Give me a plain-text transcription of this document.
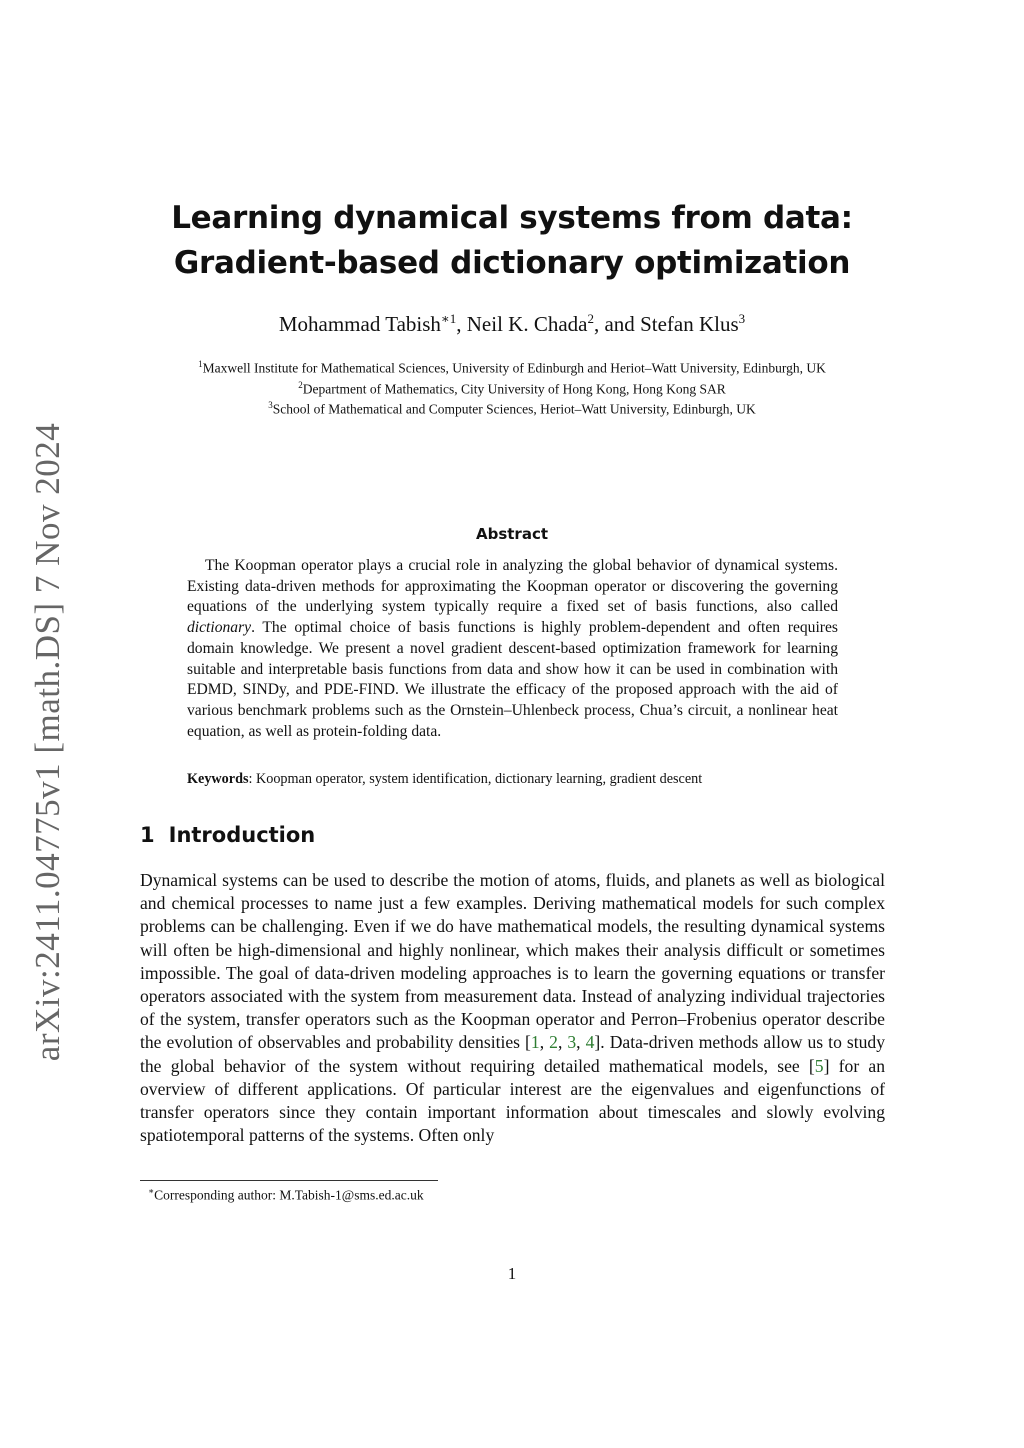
arXiv:2411.04775v1 [math.DS] 7 Nov 2024
Learning dynamical systems from data:
Gradient-based dictionary optimization
Mohammad Tabish$^{∗1}$, Neil K. Chada$^2$, and Stefan Klus$^3$
$^1$Maxwell Institute for Mathematical Sciences, University of Edinburgh and Heriot–Watt University, Edinburgh, UK
$^2$Department of Mathematics, City University of Hong Kong, Hong Kong SAR
$^3$School of Mathematical and Computer Sciences, Heriot–Watt University, Edinburgh, UK
Abstract
The Koopman operator plays a crucial role in analyzing the global behavior of dynamical systems. Existing data-driven methods for approximating the Koopman operator or discovering the governing equations of the underlying system typically require a fixed set of basis functions, also called dictionary. The optimal choice of basis functions is highly problem-dependent and often requires domain knowledge. We present a novel gradient descent-based optimization framework for learning suitable and interpretable basis functions from data and show how it can be used in combination with EDMD, SINDy, and PDE-FIND. We illustrate the efficacy of the proposed approach with the aid of various benchmark problems such as the Ornstein–Uhlenbeck process, Chua’s circuit, a nonlinear heat equation, as well as protein-folding data.
Keywords: Koopman operator, system identification, dictionary learning, gradient descent
1 Introduction
Dynamical systems can be used to describe the motion of atoms, fluids, and planets as well as biological and chemical processes to name just a few examples. Deriving mathematical models for such complex problems can be challenging. Even if we do have mathematical models, the resulting dynamical systems will often be high-dimensional and highly nonlinear, which makes their analysis difficult or sometimes impossible. The goal of data-driven modeling approaches is to learn the governing equations or transfer operators associated with the system from measurement data. Instead of analyzing individual trajectories of the system, transfer operators such as the Koopman operator and Perron–Frobenius operator describe the evolution of observables and probability densities [1, 2, 3, 4]. Data-driven methods allow us to study the global behavior of the system without requiring detailed mathematical models, see [5] for an overview of different applications. Of particular interest are the eigenvalues and eigenfunctions of transfer operators since they contain important information about timescales and slowly evolving spatiotemporal patterns of the systems. Often only
∗Corresponding author: M.Tabish-1@sms.ed.ac.uk
1
